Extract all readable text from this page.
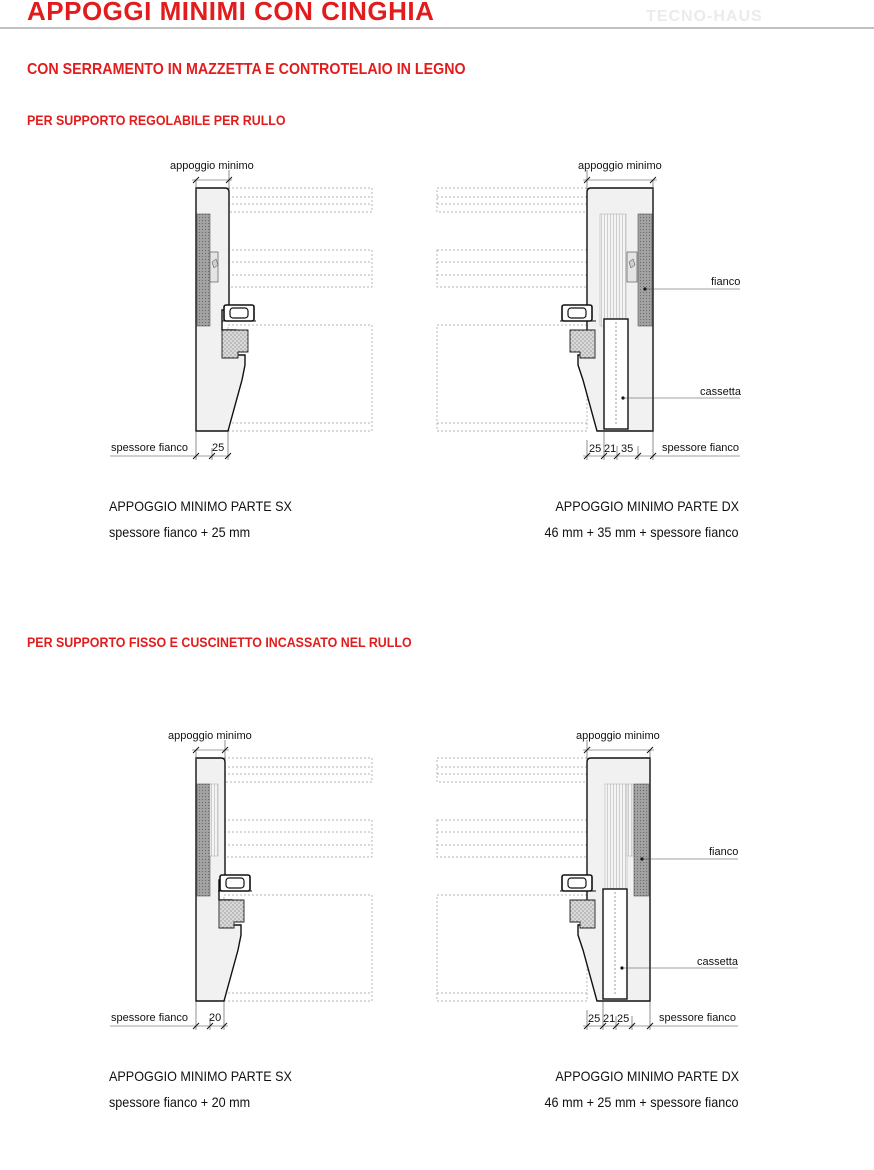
APPOGGI MINIMI CON CINGHIA	TECNO-HAUS
CON SERRAMENTO IN MAZZETTA E CONTROTELAIO IN LEGNO
PER SUPPORTO REGOLABILE PER RULLO
PER SUPPORTO FISSO E CUSCINETTO INCASSATO NEL RULLO
APPOGGIO MINIMO PARTE SX
spessore fianco + 25 mm
APPOGGIO MINIMO PARTE DX
46 mm + 35 mm + spessore fianco
APPOGGIO MINIMO PARTE SX
spessore fianco + 20 mm
APPOGGIO MINIMO PARTE DX
46 mm + 25 mm + spessore fianco
appoggio minimo
spessore fianco 25
appoggio minimo
fianco
cassetta
spessore fianco
25 21 35
appoggio minimo
spessore fianco 20
appoggio minimo
fianco
cassetta
spessore fianco
25 21 25
